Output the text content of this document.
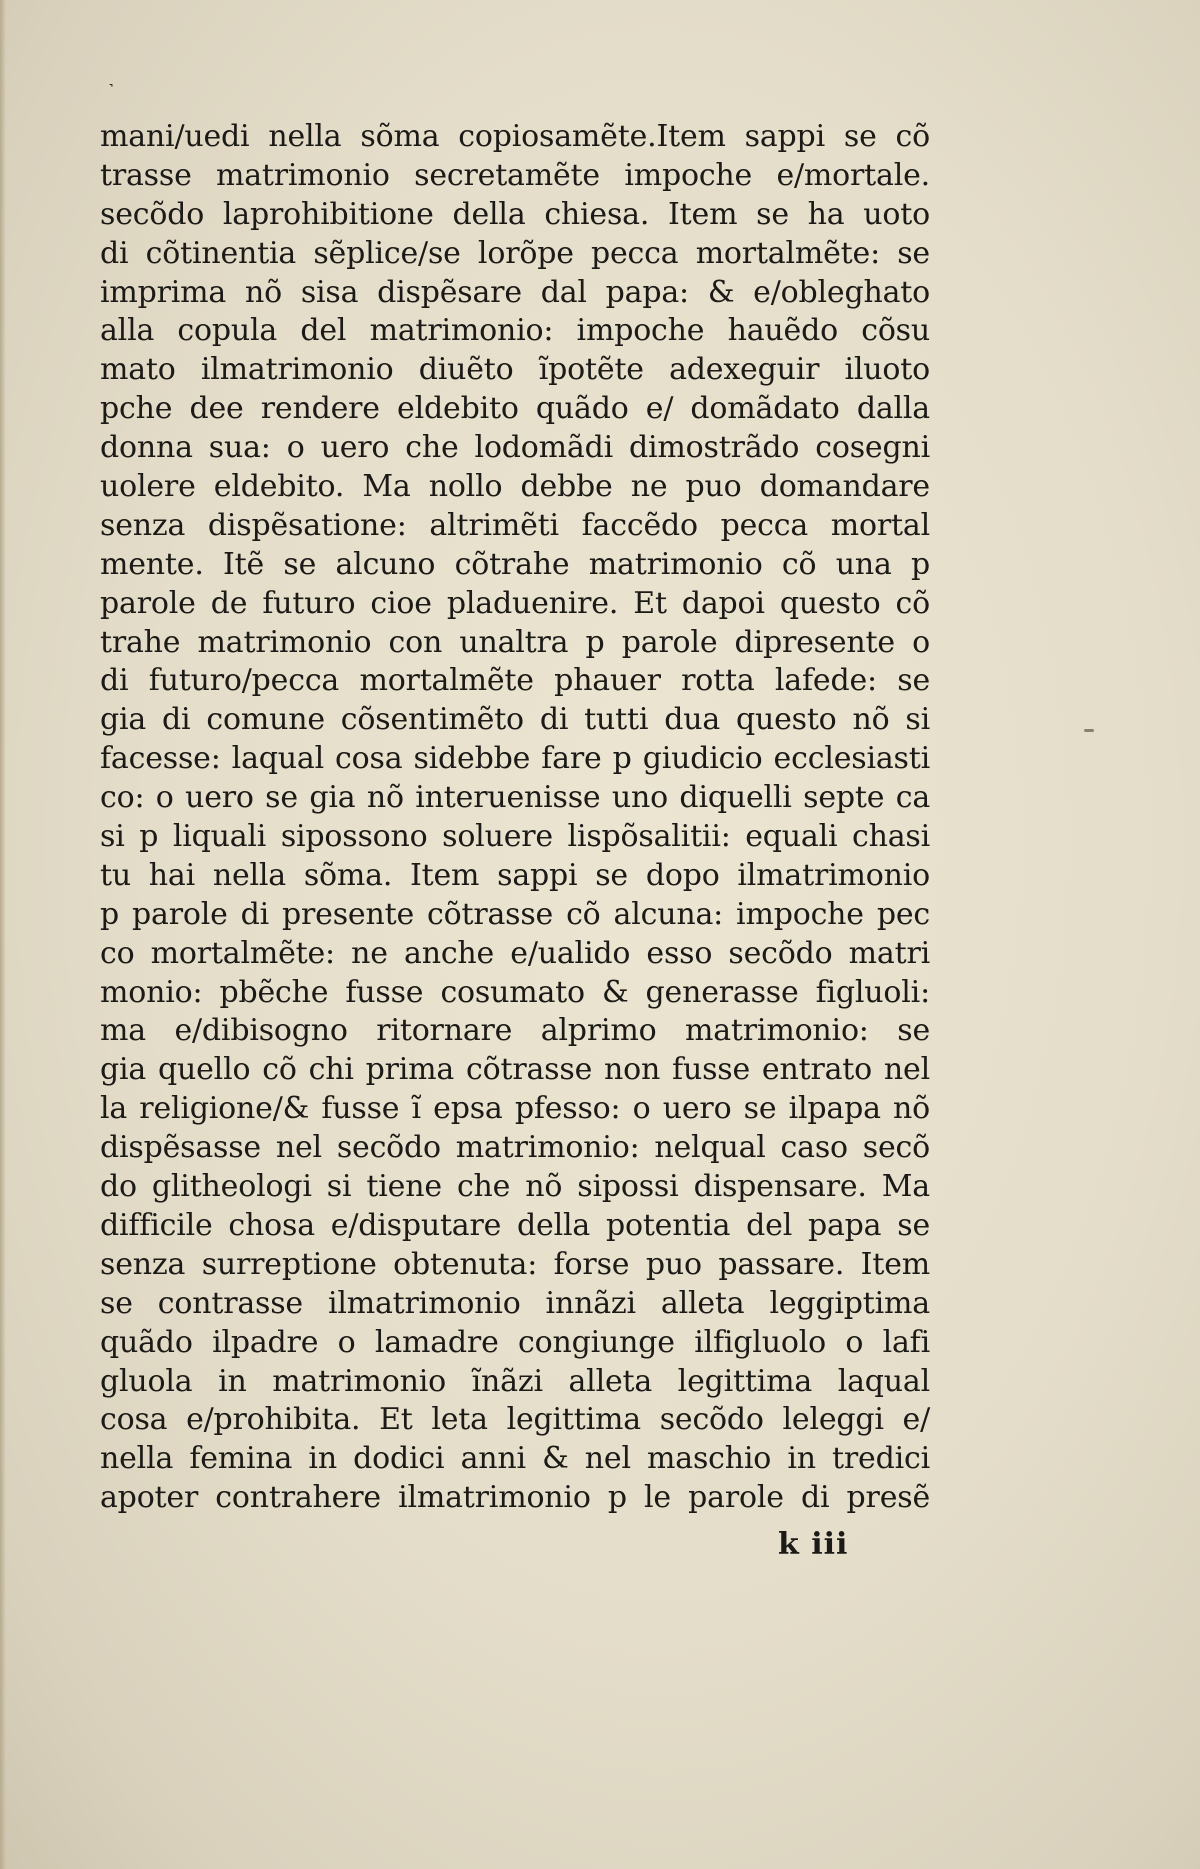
˺
mani/uedi nella sõma copiosamẽte.Item sappi se cõ
trasse matrimonio secretamẽte impoche e/mortale.
secõdo laprohibitione della chiesa. Item se ha uoto
di cõtinentia sẽplice/se lorõpe pecca mortalmẽte: se
imprima nõ sisa dispẽsare dal papa: & e/obleghato
alla copula del matrimonio: impoche hauẽdo cõsu
mato ilmatrimonio diuẽto ĩpotẽte adexeguir iluoto
pche dee rendere eldebito quãdo e/ domãdato dalla
donna sua: o uero che lodomãdi dimostrãdo cosegni
uolere eldebito. Ma nollo debbe ne puo domandare
senza dispẽsatione: altrimẽti faccẽdo pecca mortal
mente. Itẽ se alcuno cõtrahe matrimonio cõ una p
parole de futuro cioe pladuenire. Et dapoi questo cõ
trahe matrimonio con unaltra p parole dipresente o
di futuro/pecca mortalmẽte phauer rotta lafede: se
gia di comune cõsentimẽto di tutti dua questo nõ si
facesse: laqual cosa sidebbe fare p giudicio ecclesiasti
co: o uero se gia nõ interuenisse uno diquelli septe ca
si p liquali sipossono soluere lispõsalitii: equali chasi
tu hai nella sõma. Item sappi se dopo ilmatrimonio
p parole di presente cõtrasse cõ alcuna: impoche pec
co mortalmẽte: ne anche e/ualido esso secõdo matri
monio: pbẽche fusse cosumato & generasse figluoli:
ma e/dibisogno ritornare alprimo matrimonio: se
gia quello cõ chi prima cõtrasse non fusse entrato nel
la religione/& fusse ĩ epsa pfesso: o uero se ilpapa nõ
dispẽsasse nel secõdo matrimonio: nelqual caso secõ
do glitheologi si tiene che nõ sipossi dispensare. Ma
difficile chosa e/disputare della potentia del papa se
senza surreptione obtenuta: forse puo passare. Item
se contrasse ilmatrimonio innãzi alleta leggiptima
quãdo ilpadre o lamadre congiunge ilfigluolo o lafi
gluola in matrimonio ĩnãzi alleta legittima laqual
cosa e/prohibita. Et leta legittima secõdo leleggi e/
nella femina in dodici anni & nel maschio in tredici
apoter contrahere ilmatrimonio p le parole di presẽ
k iii
